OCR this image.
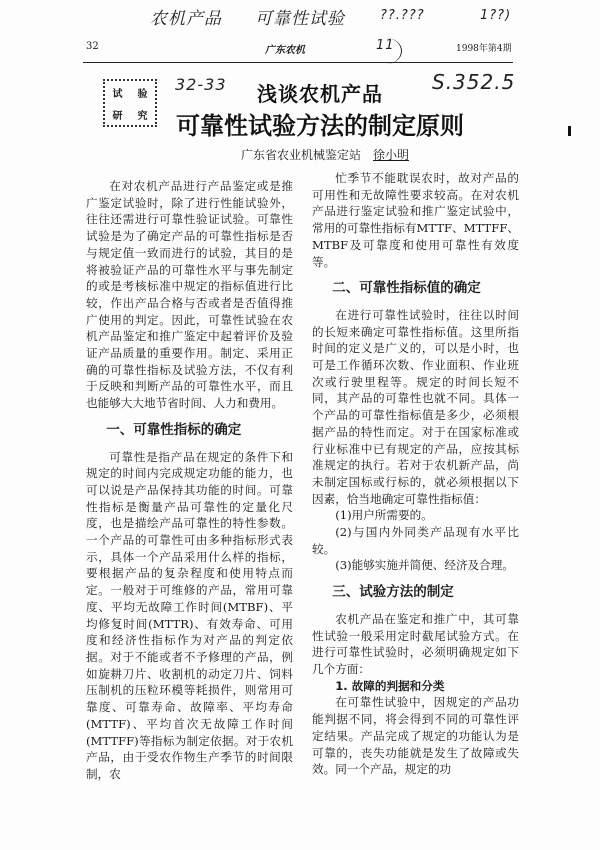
农机产品 可靠性试验	??.???	1??)
11
32-33	S.352.5
32	广东农机	1998年第4期
试 验
研 究
浅谈农机产品
可靠性试验方法的制定原则
广东省农业机械鉴定站 徐小明

在对农机产品进行产品鉴定或是推广鉴定试验时，除了进行性能试验外，往往还需进行可靠性验证试验。可靠性试验是为了确定产品的可靠性指标是否与规定值一致而进行的试验，其目的是将被验证产品的可靠性水平与事先制定的或是考核标准中规定的指标值进行比较，作出产品合格与否或者是否值得推广使用的判定。因此，可靠性试验在农机产品鉴定和推广鉴定中起着评价及验证产品质量的重要作用。制定、采用正确的可靠性指标及试验方法，不仅有利于反映和判断产品的可靠性水平，而且也能够大大地节省时间、人力和费用。

一、可靠性指标的确定

可靠性是指产品在规定的条件下和规定的时间内完成规定功能的能力，也可以说是产品保持其功能的时间。可靠性指标是衡量产品可靠性的定量化尺度，也是描绘产品可靠性的特性参数。一个产品的可靠性可由多种指标形式表示，具体一个产品采用什么样的指标，要根据产品的复杂程度和使用特点而定。一般对于可维修的产品，常用可靠度、平均无故障工作时间(MTBF)、平均修复时间(MTTR)、有效寿命、可用度和经济性指标作为对产品的判定依据。对于不能或者不予修理的产品，例如旋耕刀片、收割机的动定刀片、饲料压制机的压粒环模等耗损件，则常用可靠度、可靠寿命、故障率、平均寿命(MTTF)、平均首次无故障工作时间(MTTFF)等指标为制定依据。对于农机产品，由于受农作物生产季节的时间限制，农

忙季节不能耽误农时，故对产品的可用性和无故障性要求较高。在对农机产品进行鉴定试验和推广鉴定试验中，常用的可靠性指标有MTTF、MTTFF、MTBF及可靠度和使用可靠性有效度等。

二、可靠性指标值的确定

在进行可靠性试验时，往往以时间的长短来确定可靠性指标值。这里所指时间的定义是广义的，可以是小时，也可是工作循环次数、作业面积、作业班次或行驶里程等。规定的时间长短不同，其产品的可靠性也就不同。具体一个产品的可靠性指标值是多少，必须根据产品的特性而定。对于在国家标准或行业标准中已有规定的产品，应按其标准规定的执行。若对于农机新产品，尚未制定国标或行标的，就必须根据以下因素，恰当地确定可靠性指标值：

(1)用户所需要的。
(2)与国内外同类产品现有水平比较。
(3)能够实施并简便、经济及合理。
三、试验方法的制定

农机产品在鉴定和推广中，其可靠性试验一般采用定时截尾试验方式。在进行可靠性试验时，必须明确规定如下几个方面：

1. 故障的判据和分类

在可靠性试验中，因规定的产品功能判据不同，将会得到不同的可靠性评定结果。产品完成了规定的功能认为是可靠的，丧失功能就是发生了故障或失效。同一个产品，规定的功
